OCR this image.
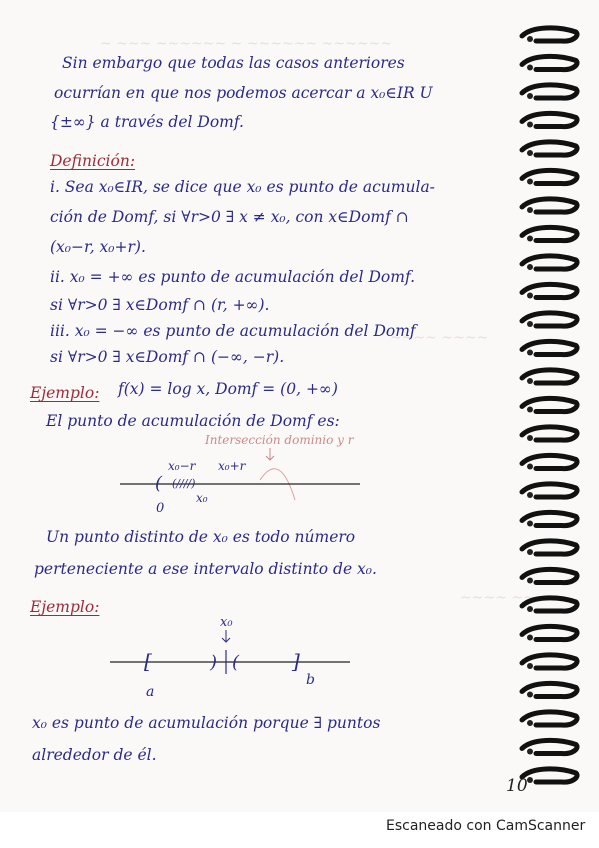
~ ~~~ ~~~~~~ ~ ~~~~~~ ~~~~~~
~~~~ ~~~~
~~~~ ~~
Sin embargo que todas las casos anteriores
ocurrían en que nos podemos acercar a x₀∈IR U
{±∞} a través del Domf.
Definición:
i. Sea x₀∈IR, se dice que x₀ es punto de acumula-
ción de Domf, si ∀r>0 ∃ x ≠ x₀, con x∈Domf ∩
(x₀−r, x₀+r).
ii. x₀ = +∞ es punto de acumulación del Domf.
si ∀r>0 ∃ x∈Domf ∩ (r, +∞).
iii. x₀ = −∞ es punto de acumulación del Domf
si ∀r>0 ∃ x∈Domf ∩ (−∞, −r).
Ejemplo: f(x) = log x, Domf = (0, +∞)
El punto de acumulación de Domf es:
Intersección dominio y r
(
x₀−r x₀+r
(////)
0
x₀
Un punto distinto de x₀ es todo número
perteneciente a ese intervalo distinto de x₀.
Ejemplo:
x₀
[	) (	]
a
b
x₀ es punto de acumulación porque ∃ puntos
alrededor de él.
10
Escaneado con CamScanner
